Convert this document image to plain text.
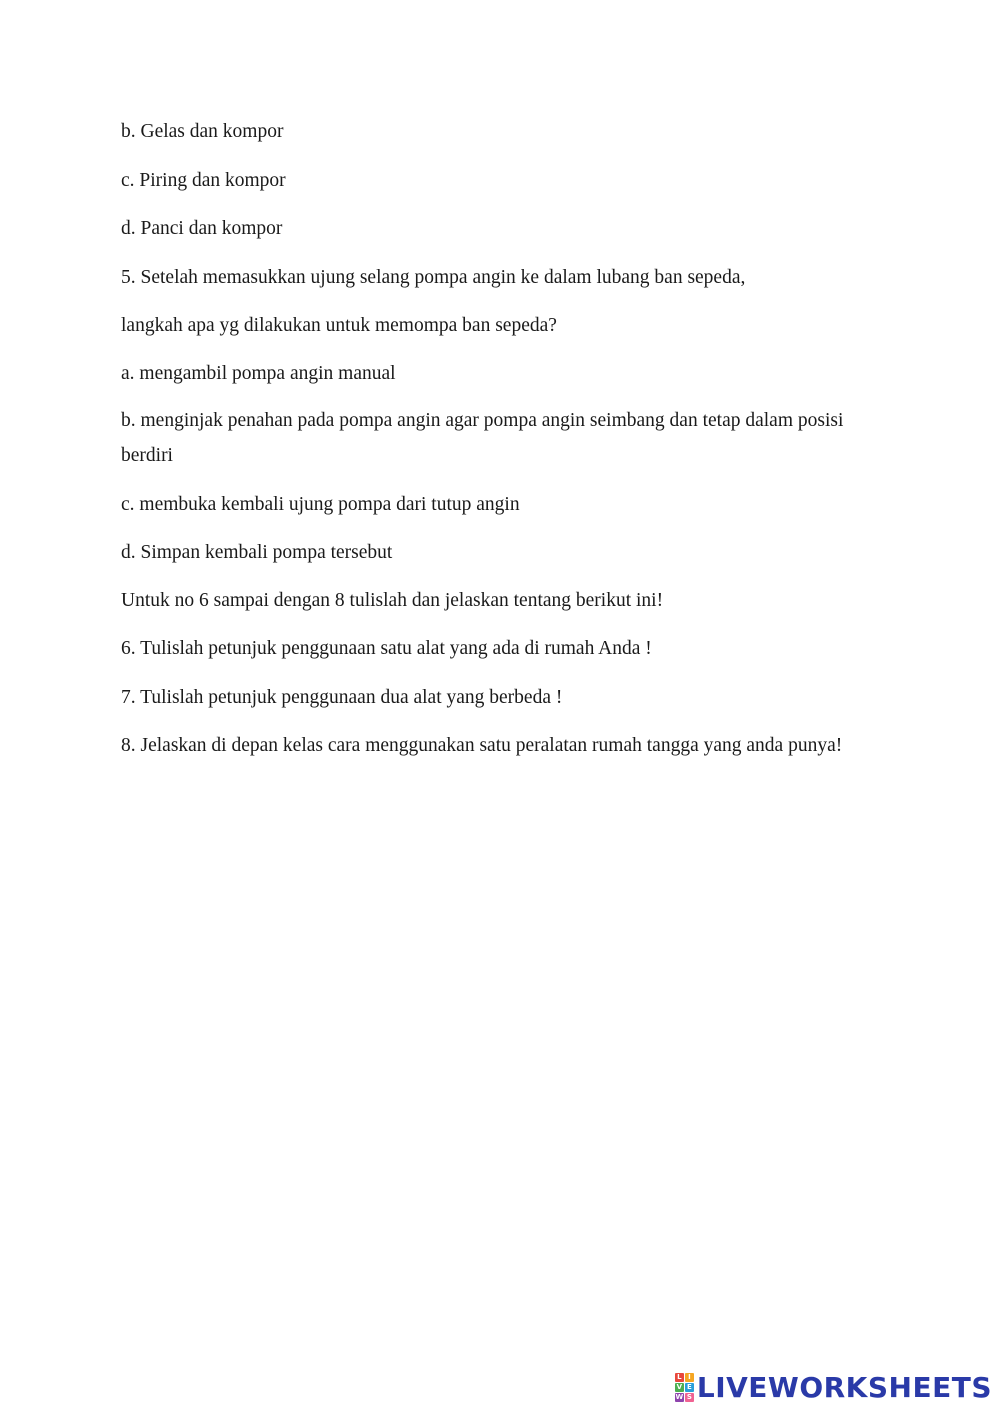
b. Gelas dan kompor
c. Piring dan kompor
d. Panci dan kompor
5. Setelah memasukkan ujung selang pompa angin ke dalam lubang ban sepeda,
langkah apa yg dilakukan untuk memompa ban sepeda?
a. mengambil pompa angin manual
b. menginjak penahan pada pompa angin agar pompa angin seimbang dan tetap dalam posisi berdiri
c. membuka kembali ujung pompa dari tutup angin
d. Simpan kembali pompa tersebut
Untuk no 6 sampai dengan 8 tulislah dan jelaskan tentang berikut ini!
6. Tulislah petunjuk penggunaan satu alat yang ada di rumah Anda !
7. Tulislah petunjuk penggunaan dua alat yang berbeda !
8. Jelaskan di depan kelas cara menggunakan satu peralatan rumah tangga yang anda punya!
L I
V E
W S LIVEWORKSHEETS
